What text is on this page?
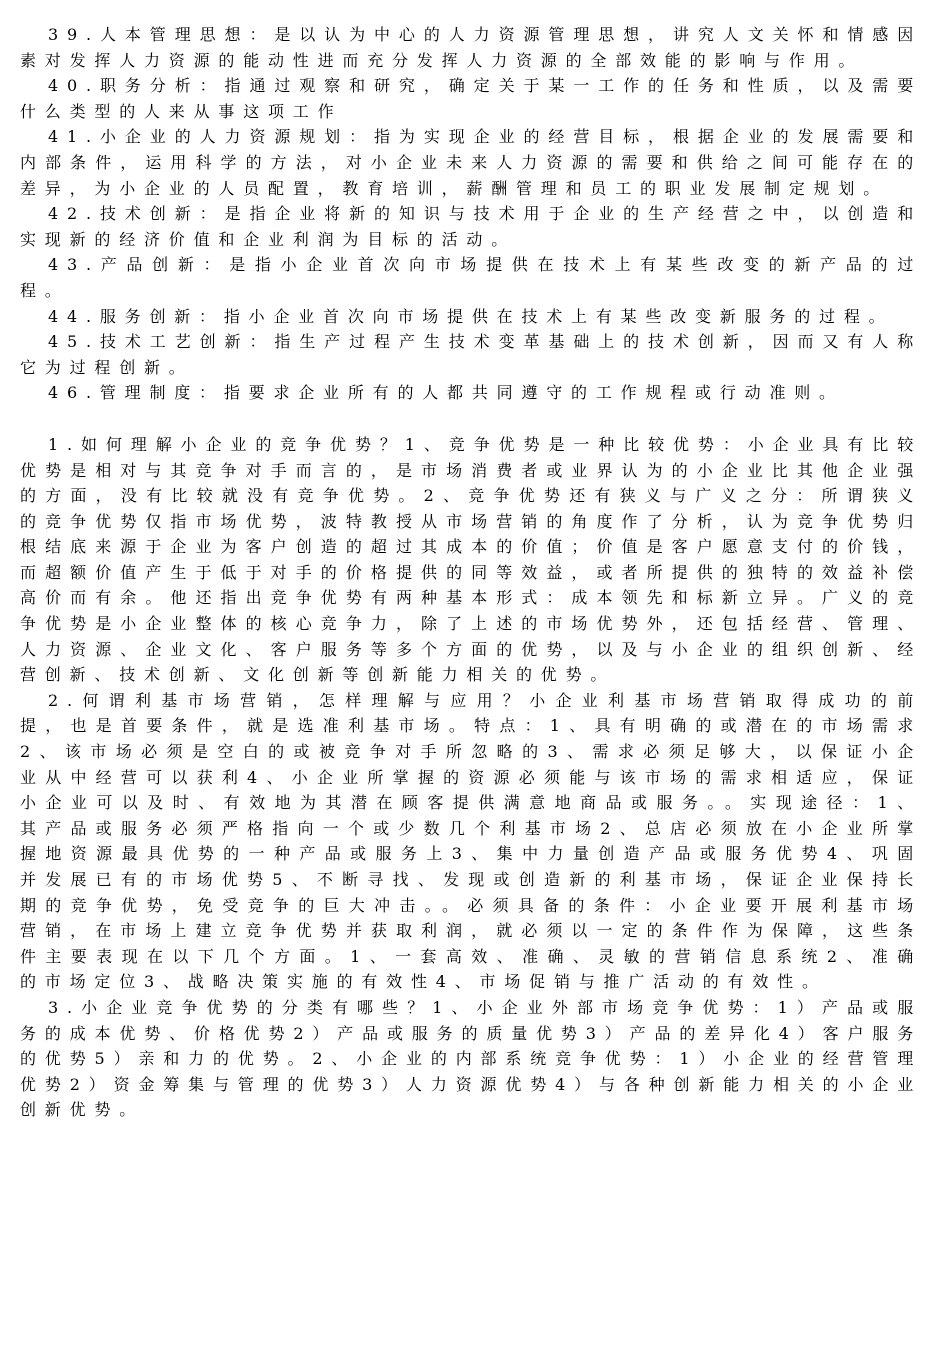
39.人本管理思想：是以认为中心的人力资源管理思想，讲究人文关怀和情感因素对发挥人力资源的能动性进而充分发挥人力资源的全部效能的影响与作用。

40.职务分析：指通过观察和研究，确定关于某一工作的任务和性质，以及需要什么类型的人来从事这项工作

41.小企业的人力资源规划：指为实现企业的经营目标，根据企业的发展需要和内部条件，运用科学的方法，对小企业未来人力资源的需要和供给之间可能存在的差异，为小企业的人员配置，教育培训，薪酬管理和员工的职业发展制定规划。

42.技术创新：是指企业将新的知识与技术用于企业的生产经营之中，以创造和实现新的经济价值和企业利润为目标的活动。

43.产品创新：是指小企业首次向市场提供在技术上有某些改变的新产品的过程。

44.服务创新：指小企业首次向市场提供在技术上有某些改变新服务的过程。

45.技术工艺创新：指生产过程产生技术变革基础上的技术创新，因而又有人称它为过程创新。

46.管理制度：指要求企业所有的人都共同遵守的工作规程或行动准则。

1.如何理解小企业的竞争优势？1、竞争优势是一种比较优势：小企业具有比较优势是相对与其竞争对手而言的，是市场消费者或业界认为的小企业比其他企业强的方面，没有比较就没有竞争优势。2、竞争优势还有狭义与广义之分：所谓狭义的竞争优势仅指市场优势，波特教授从市场营销的角度作了分析，认为竞争优势归根结底来源于企业为客户创造的超过其成本的价值；价值是客户愿意支付的价钱，而超额价值产生于低于对手的价格提供的同等效益，或者所提供的独特的效益补偿高价而有余。他还指出竞争优势有两种基本形式：成本领先和标新立异。广义的竞争优势是小企业整体的核心竞争力，除了上述的市场优势外，还包括经营、管理、人力资源、企业文化、客户服务等多个方面的优势，以及与小企业的组织创新、经营创新、技术创新、文化创新等创新能力相关的优势。

2.何谓利基市场营销，怎样理解与应用？小企业利基市场营销取得成功的前提，也是首要条件，就是选准利基市场。特点：1、具有明确的或潜在的市场需求2、该市场必须是空白的或被竞争对手所忽略的3、需求必须足够大，以保证小企业从中经营可以获利4、小企业所掌握的资源必须能与该市场的需求相适应，保证小企业可以及时、有效地为其潜在顾客提供满意地商品或服务。。实现途径：1、其产品或服务必须严格指向一个或少数几个利基市场2、总店必须放在小企业所掌握地资源最具优势的一种产品或服务上3、集中力量创造产品或服务优势4、巩固并发展已有的市场优势5、不断寻找、发现或创造新的利基市场，保证企业保持长期的竞争优势，免受竞争的巨大冲击。。必须具备的条件：小企业要开展利基市场营销，在市场上建立竞争优势并获取利润，就必须以一定的条件作为保障，这些条件主要表现在以下几个方面。1、一套高效、准确、灵敏的营销信息系统2、准确的市场定位3、战略决策实施的有效性4、市场促销与推广活动的有效性。

3.小企业竞争优势的分类有哪些？1、小企业外部市场竞争优势：1）产品或服务的成本优势、价格优势2）产品或服务的质量优势3）产品的差异化4）客户服务的优势5）亲和力的优势。2、小企业的内部系统竞争优势：1）小企业的经营管理优势2）资金筹集与管理的优势3）人力资源优势4）与各种创新能力相关的小企业创新优势。
